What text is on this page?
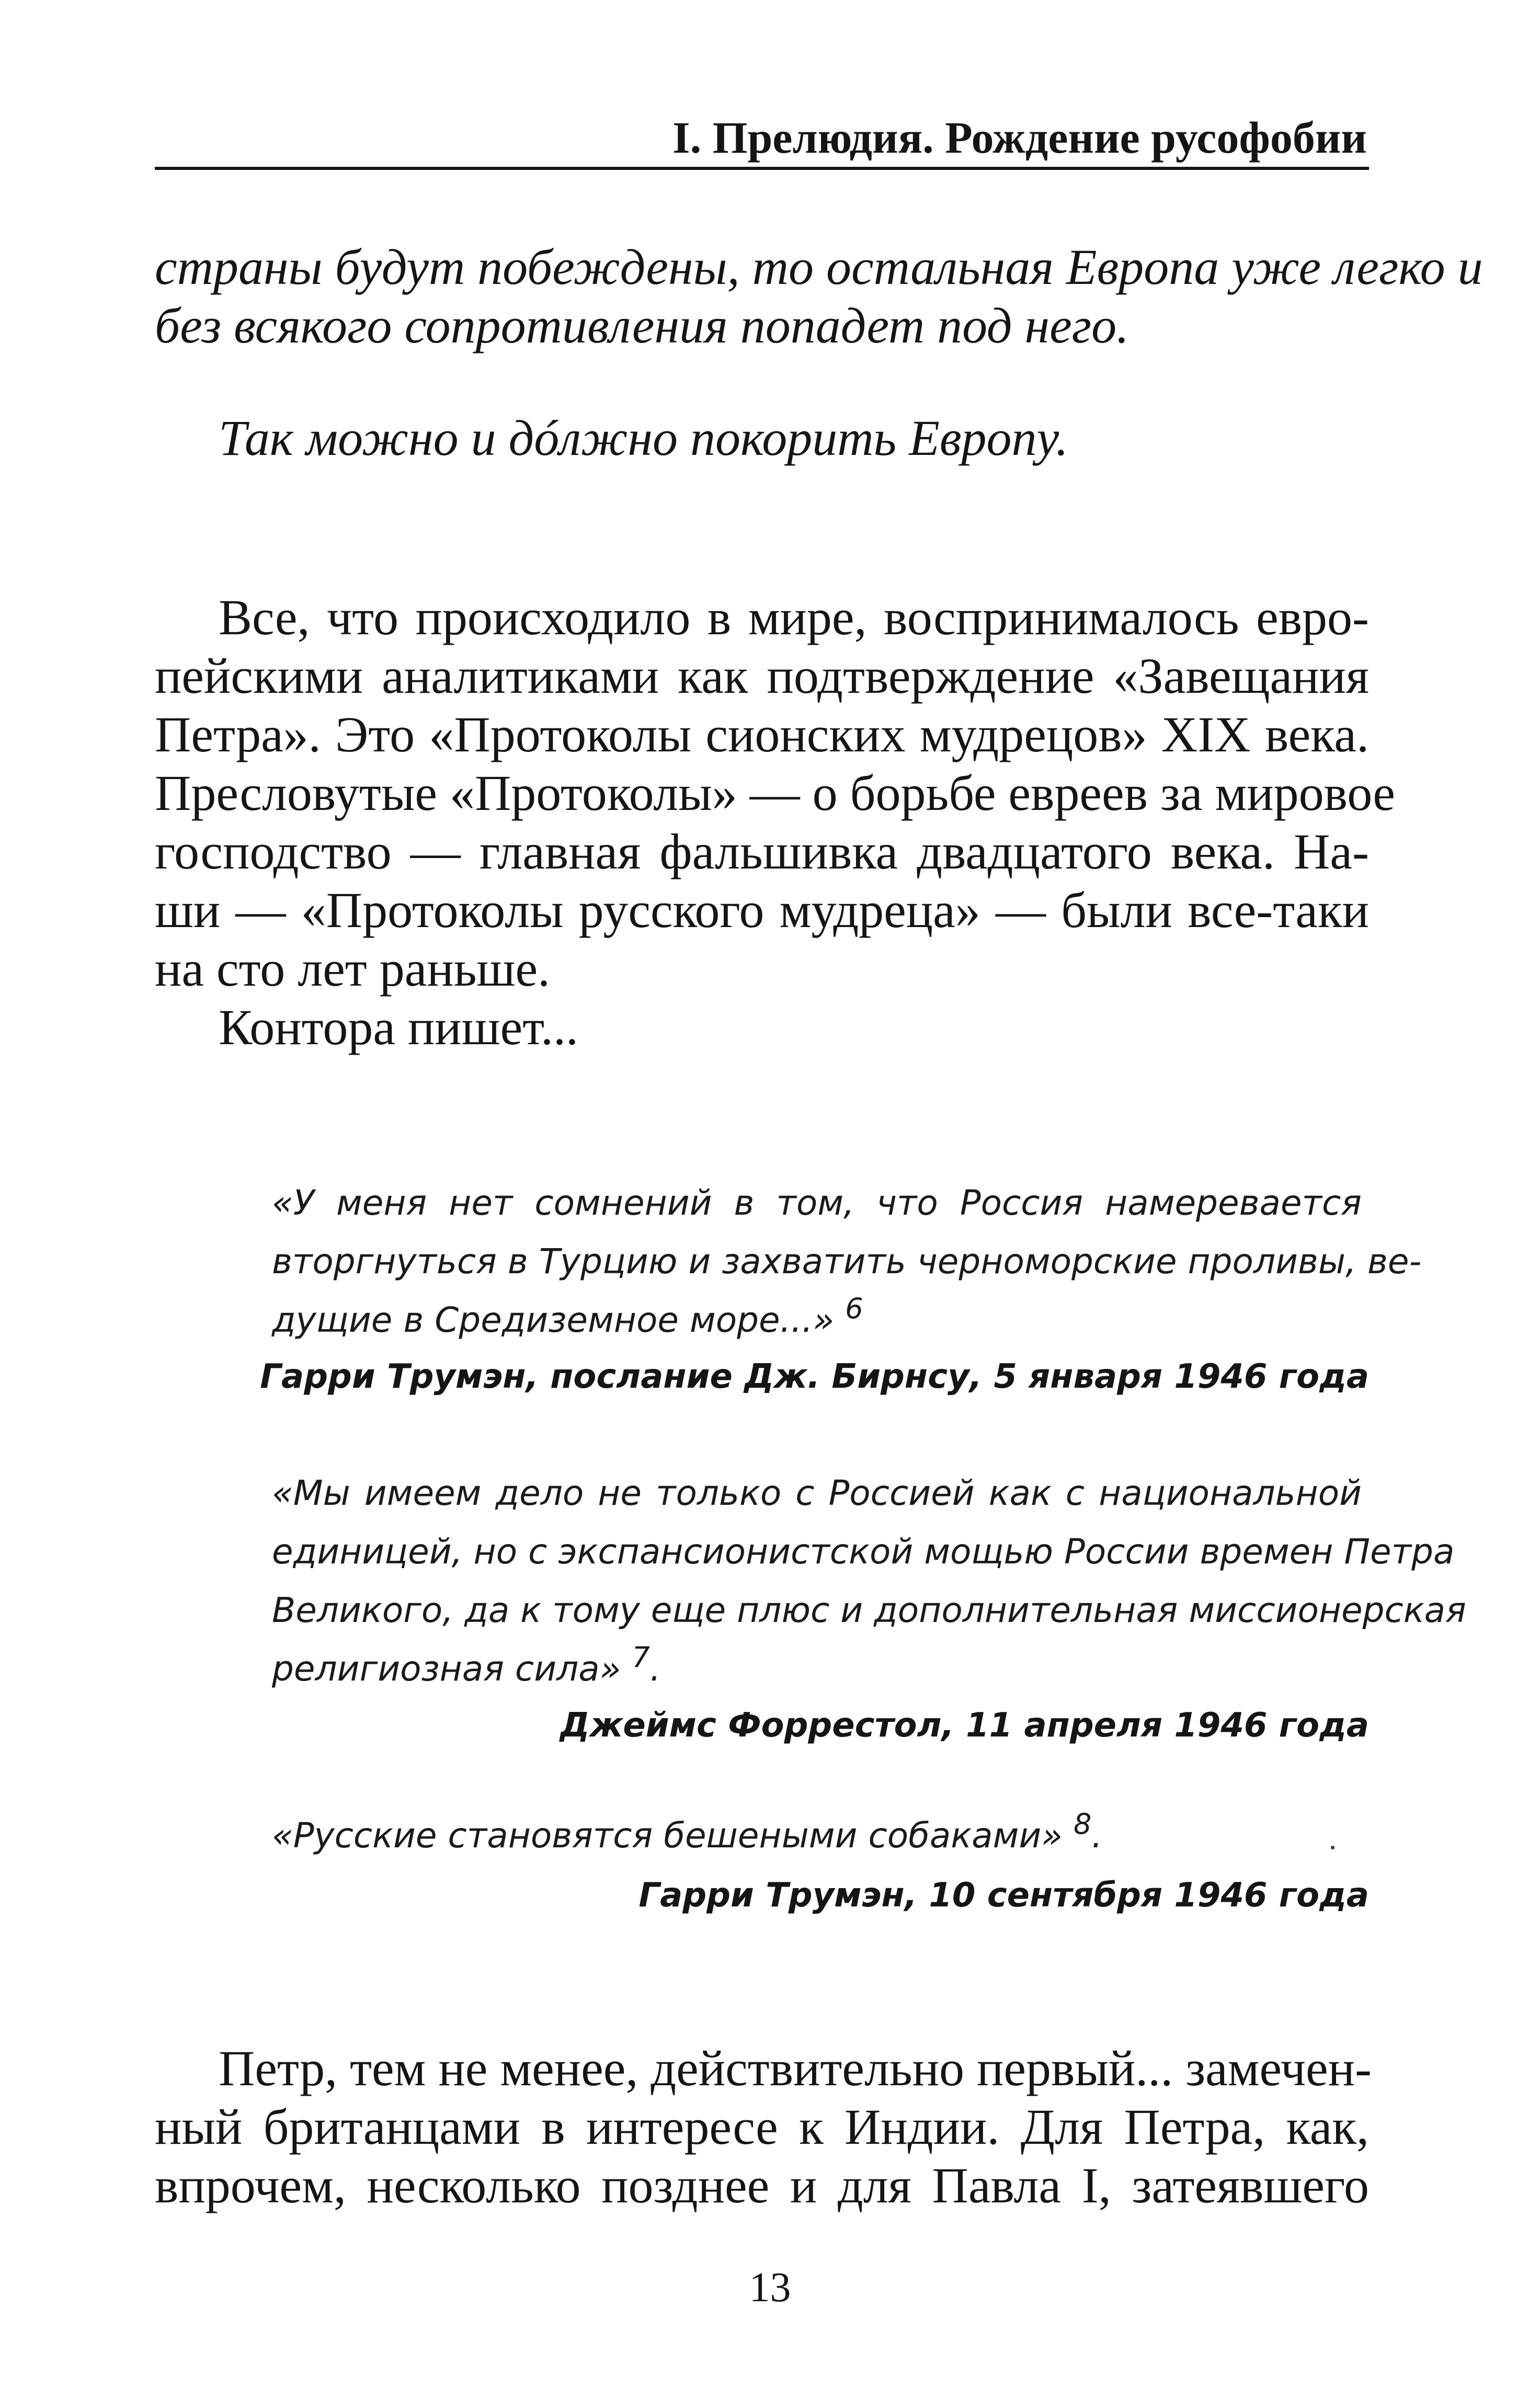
I. Прелюдия. Рождение русофобии
страны будут побеждены, то остальная Европа уже легко и
без всякого сопротивления попадет под него.
Так можно и дóлжно покорить Европу.
Все, что происходило в мире, воспринималось евро-
пейскими аналитиками как подтверждение «Завещания
Петра». Это «Протоколы сионских мудрецов» XIX века.
Пресловутые «Протоколы» — о борьбе евреев за мировое
господство — главная фальшивка двадцатого века. На-
ши — «Протоколы русского мудреца» — были все-таки
на сто лет раньше.
Контора пишет...
«У меня нет сомнений в том, что Россия намеревается
вторгнуться в Турцию и захватить черноморские проливы, ве-
дущие в Средиземное море...» $^6$
Гарри Трумэн, послание Дж. Бирнсу, 5 января 1946 года
«Мы имеем дело не только с Россией как с национальной
единицей, но с экспансионистской мощью России времен Петра
Великого, да к тому еще плюс и дополнительная миссионерская
религиозная сила» $^7$.
Джеймс Форрестол, 11 апреля 1946 года
«Русские становятся бешеными собаками» $^8$.
Гарри Трумэн, 10 сентября 1946 года
Петр, тем не менее, действительно первый... замечен-
ный британцами в интересе к Индии. Для Петра, как,
впрочем, несколько позднее и для Павла I, затеявшего
13
